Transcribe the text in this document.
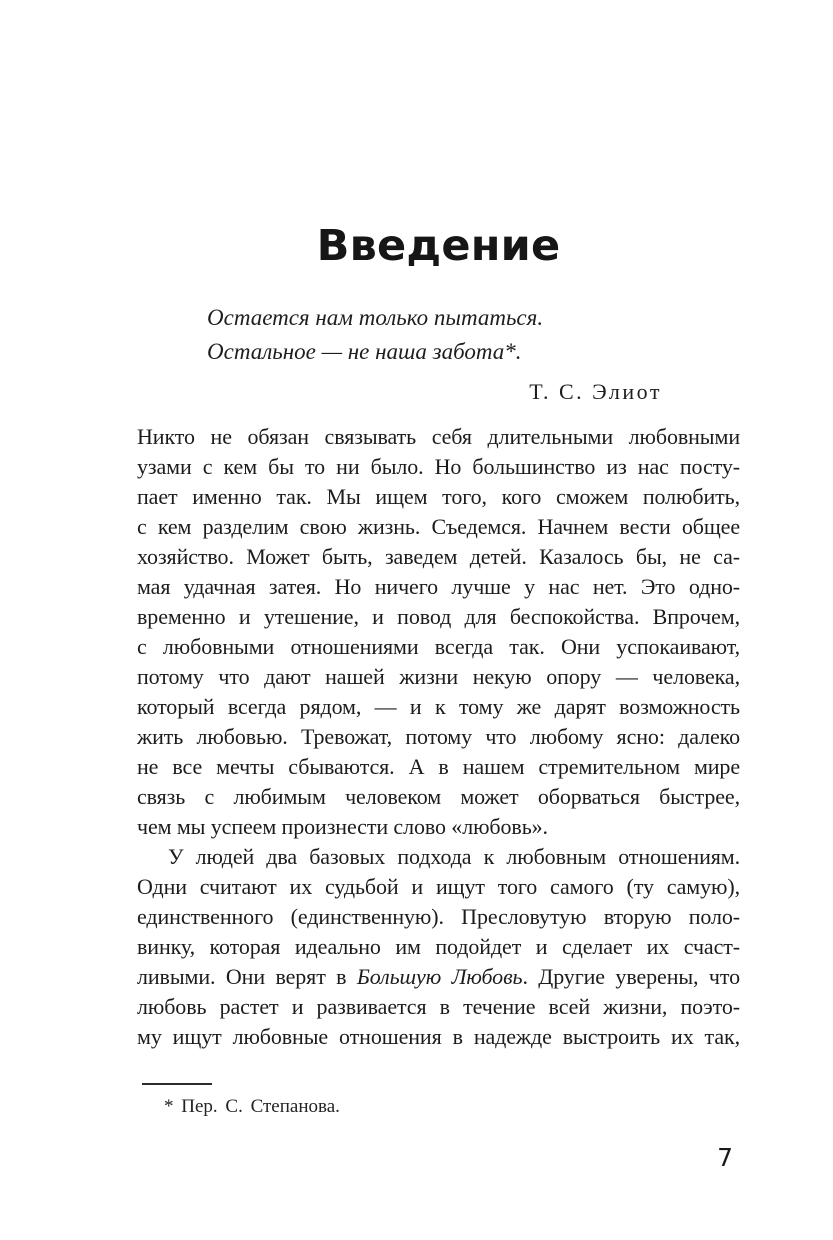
Введение
Остается нам только пытаться.
Остальное — не наша забота*.
Т. С. Элиот
Никто не обязан связывать себя длительными любовными
узами с кем бы то ни было. Но большинство из нас посту-
пает именно так. Мы ищем того, кого сможем полюбить,
с кем разделим свою жизнь. Съедемся. Начнем вести общее
хозяйство. Может быть, заведем детей. Казалось бы, не са-
мая удачная затея. Но ничего лучше у нас нет. Это одно-
временно и утешение, и повод для беспокойства. Впрочем,
с любовными отношениями всегда так. Они успокаивают,
потому что дают нашей жизни некую опору — человека,
который всегда рядом, — и к тому же дарят возможность
жить любовью. Тревожат, потому что любому ясно: далеко
не все мечты сбываются. А в нашем стремительном мире
связь с любимым человеком может оборваться быстрее,
чем мы успеем произнести слово «любовь».
У людей два базовых подхода к любовным отношениям.
Одни считают их судьбой и ищут того самого (ту самую),
единственного (единственную). Пресловутую вторую поло-
винку, которая идеально им подойдет и сделает их счаст-
ливыми. Они верят в Большую Любовь. Другие уверены, что
любовь растет и развивается в течение всей жизни, поэто-
му ищут любовные отношения в надежде выстроить их так,
* Пер. С. Степанова.
7
